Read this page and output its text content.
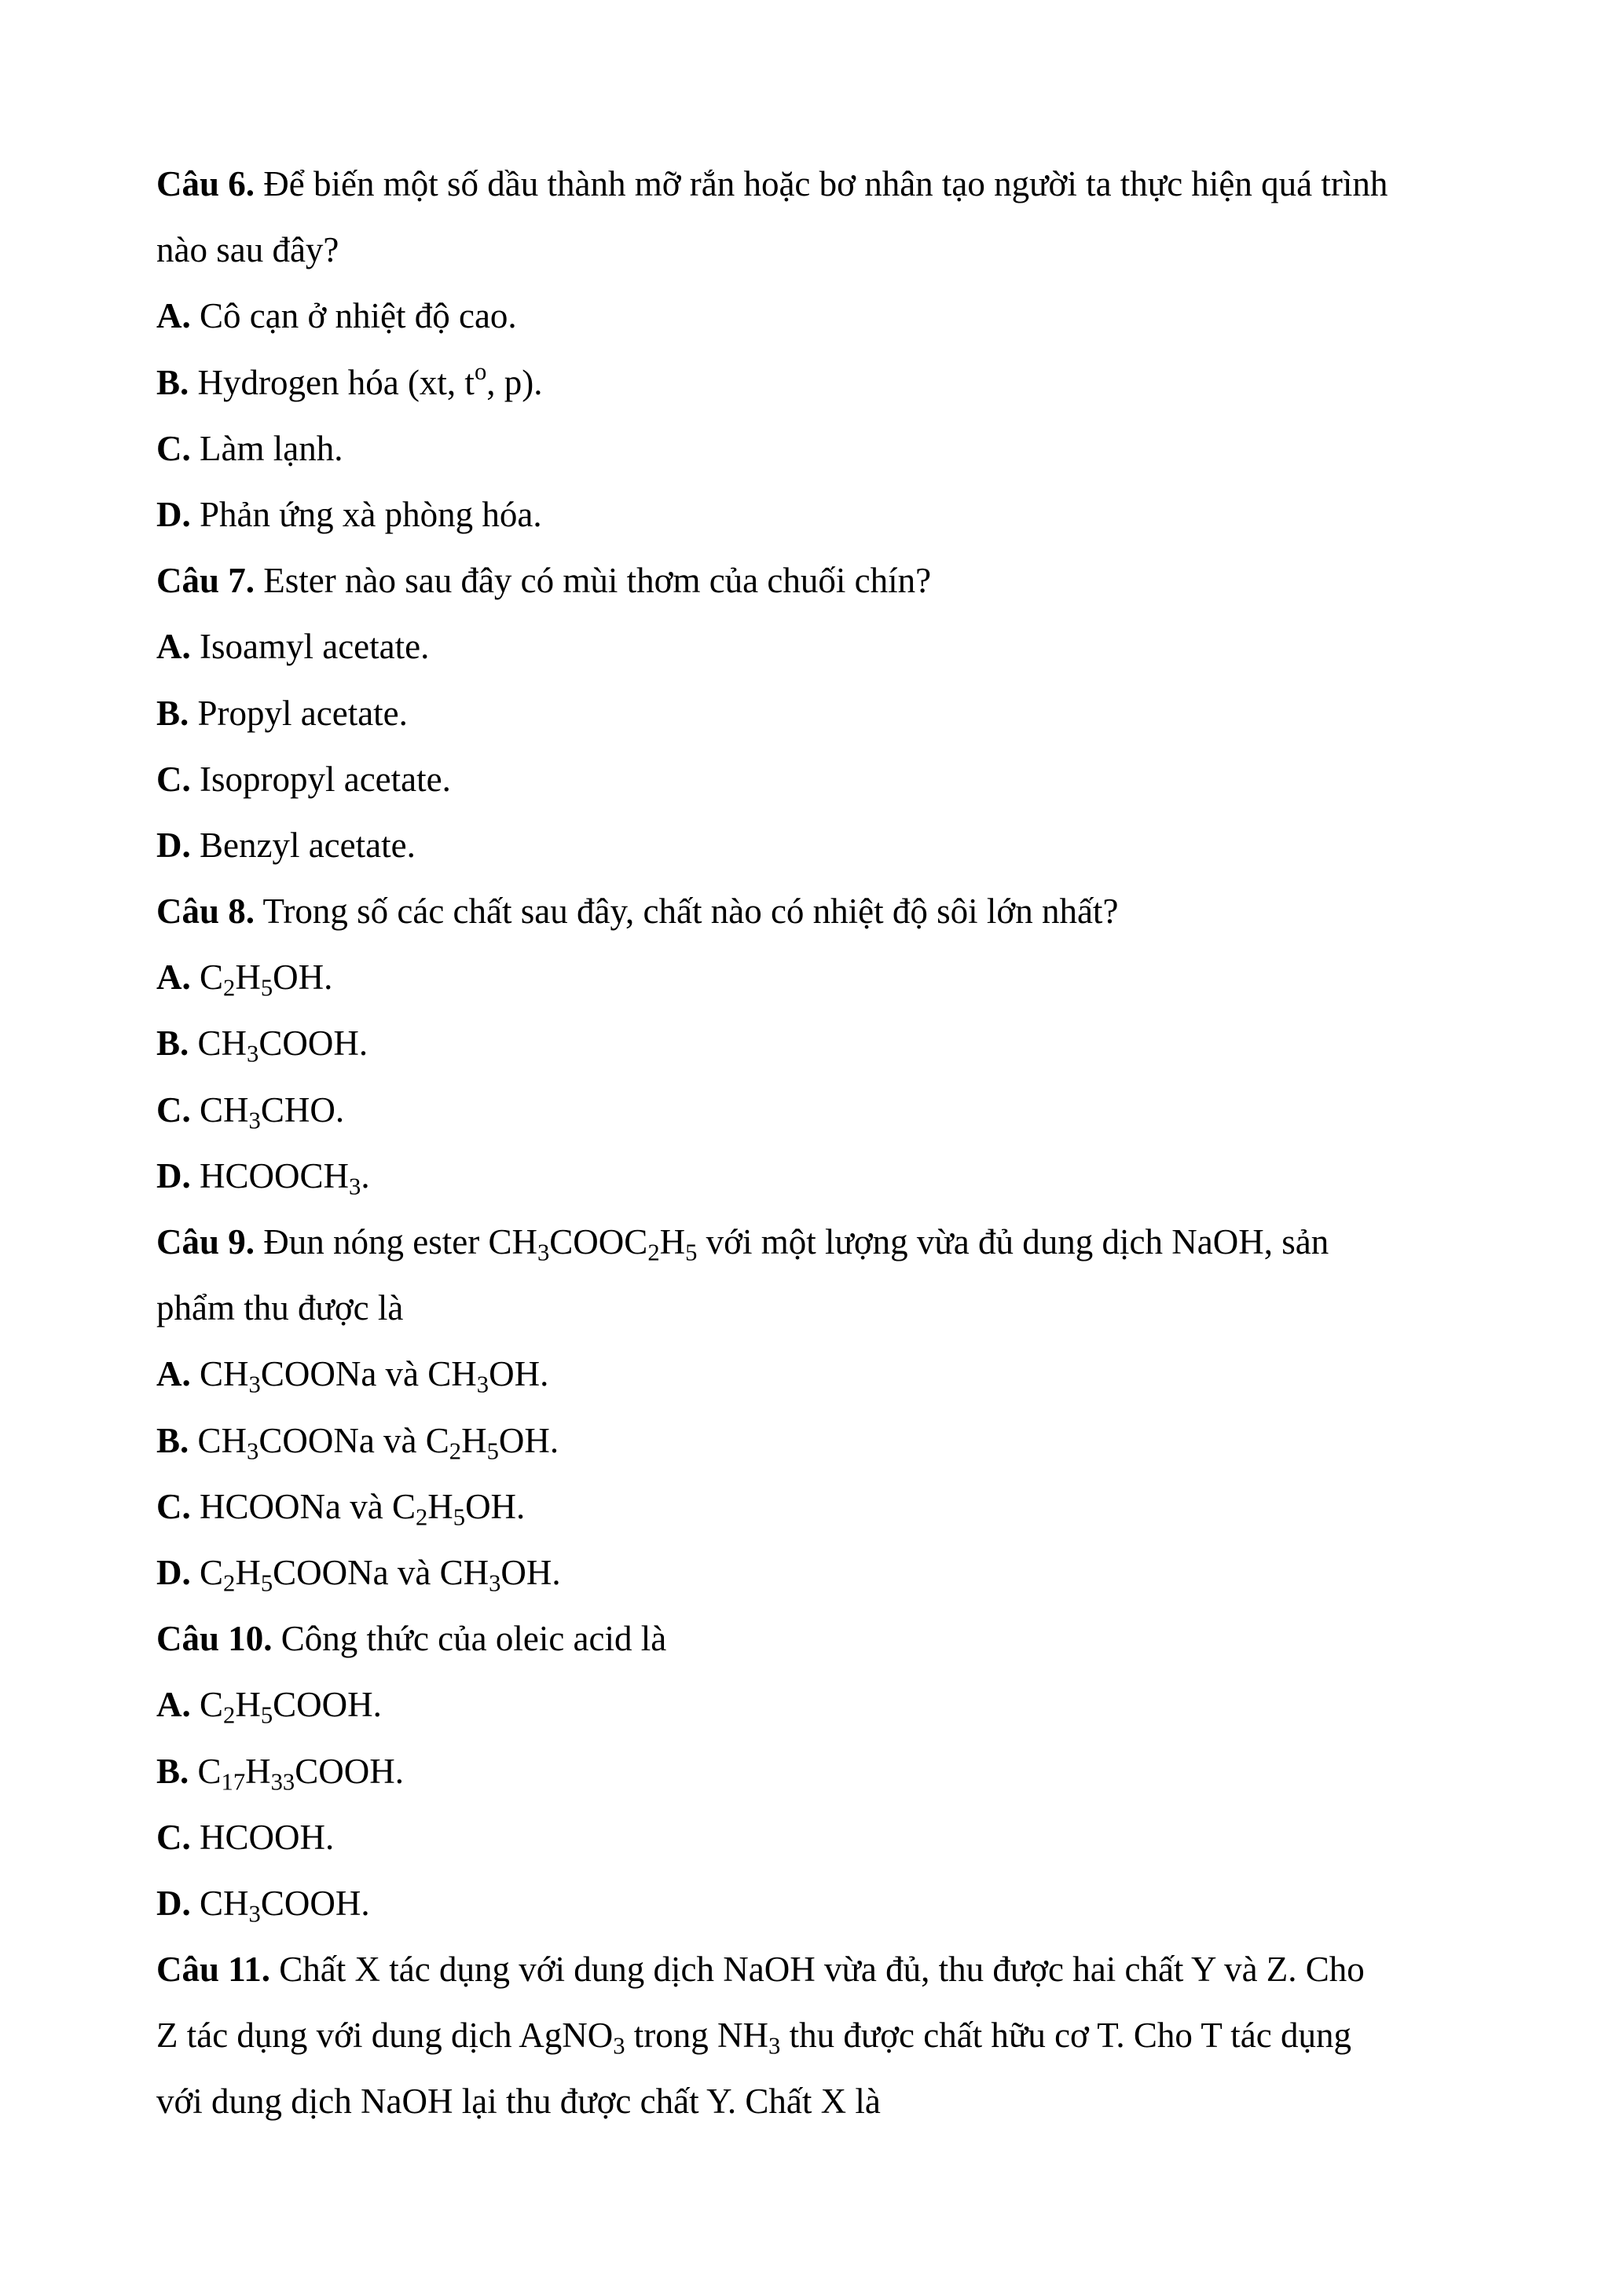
Câu 6. Để biến một số dầu thành mỡ rắn hoặc bơ nhân tạo người ta thực hiện quá trình
nào sau đây?
A. Cô cạn ở nhiệt độ cao.
B. Hydrogen hóa (xt, $t^o$, p).
C. Làm lạnh.
D. Phản ứng xà phòng hóa.
Câu 7. Ester nào sau đây có mùi thơm của chuối chín?
A. Isoamyl acetate.
B. Propyl acetate.
C. Isopropyl acetate.
D. Benzyl acetate.
Câu 8. Trong số các chất sau đây, chất nào có nhiệt độ sôi lớn nhất?
A. $C_2H_5OH$.
B. $CH_3COOH$.
C. $CH_3CHO$.
D. $HCOOCH_3$.
Câu 9. Đun nóng ester $CH_3COOC_2H_5$ với một lượng vừa đủ dung dịch NaOH, sản
phẩm thu được là
A. $CH_3COONa$ và $CH_3OH$.
B. $CH_3COONa$ và $C_2H_5OH$.
C. HCOONa và $C_2H_5OH$.
D. $C_2H_5COONa$ và $CH_3OH$.
Câu 10. Công thức của oleic acid là
A. $C_2H_5COOH$.
B. $C_{17}H_{33}COOH$.
C. HCOOH.
D. $CH_3COOH$.
Câu 11. Chất X tác dụng với dung dịch NaOH vừa đủ, thu được hai chất Y và Z. Cho
Z tác dụng với dung dịch AgNO$_3$ trong $NH_3$ thu được chất hữu cơ T. Cho T tác dụng
với dung dịch NaOH lại thu được chất Y. Chất X là
